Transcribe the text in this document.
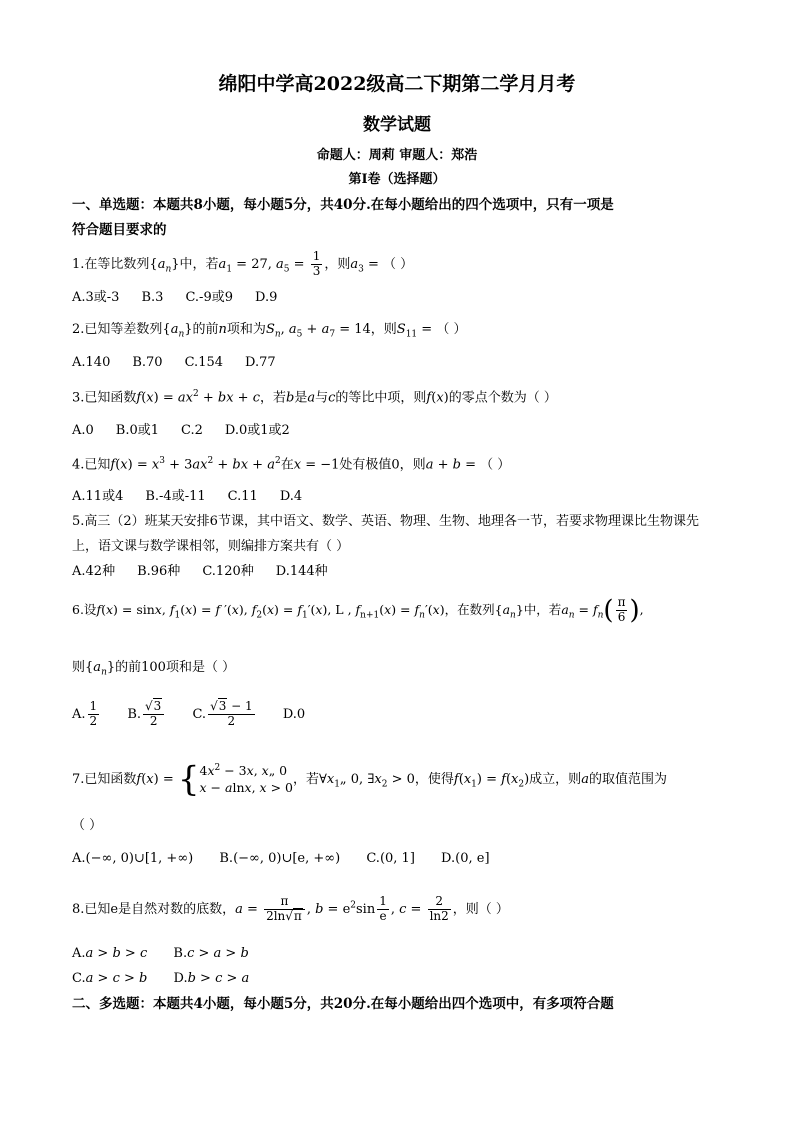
绵阳中学高2022级高二下期第二学月月考
数学试题
命题人：周莉 审题人：郑浩
第I卷（选择题）
一、单选题：本题共8小题，每小题5分，共40分.在每小题给出的四个选项中，只有一项是
符合题目要求的
1.在等比数列$\{a_n\}$中，若$a_1 = 27$, $a_5 = \frac{1}{3}$ ，则$a_3$ = （ ）
A.3或-3 B.3 C.-9或9 D.9
2.已知等差数列$\{a_n\}$的前n项和为$S_n$, $a_5 + a_7 = 14$，则$S_{11}$ = （ ）
A.140 B.70 C.154 D.77
3.已知函数$f(x) = ax^2$ + bx + c，若b是a与c的等比中项，则f(x)的零点个数为（ ）
A.0 B.0或1 C.2 D.0或1或2
4.已知$f(x) = x^3 + 3ax^2$ + bx + $a^2$在x = −1处有极值0，则a + b = （ ）
A.11或4 B.-4或-11 C.11 D.4
5.高三（2）班某天安排6节课，其中语文、数学、英语、物理、生物、地理各一节，若要求物理课比生物课先
上，语文课与数学课相邻，则编排方案共有（ ）
A.42种 B.96种 C.120种 D.144种
6.设f(x) = sinx, $f_1(x) = f$ ′(x), $f_2(x) = f_1'(x)$, L , $f_{n+1}(x) = f_n'(x)$，在数列$\{a_n\}$中，若$a_n = f_n( \frac{\pi}{6}$ ),
则$\{a_n\}$的前100项和是（ ）
A. $\frac{1}{2} B$. $\frac{√3}{2} C$. $\frac{√3 - 1}{2} D.0$
7.已知函数$f(x) = \{4x^2 - 3x$, x„ 0
x − alnx, x > 0，若$\forall x_1„$ 0, $\exists x_2 > 0$，使得$f(x_1) = f(x_2)$成立，则a的取值范围为
（ ）
A.(−∞, 0)∪[1, +∞) B.(−∞, 0)∪[e, +∞) C.(0, 1] D.(0, e]
8.已知e是自然对数的底数，$a = \frac{\pi}{2\ln√\pi}$ , $b = e^2\sin \frac{1}{e}$ , $c = \frac{2}{\ln 2}$ ，则（ ）
A.a > b > c B.c > a > b
C.a > c > b D.b > c > a
二、多选题：本题共4小题，每小题5分，共20分.在每小题给出四个选项中，有多项符合题
